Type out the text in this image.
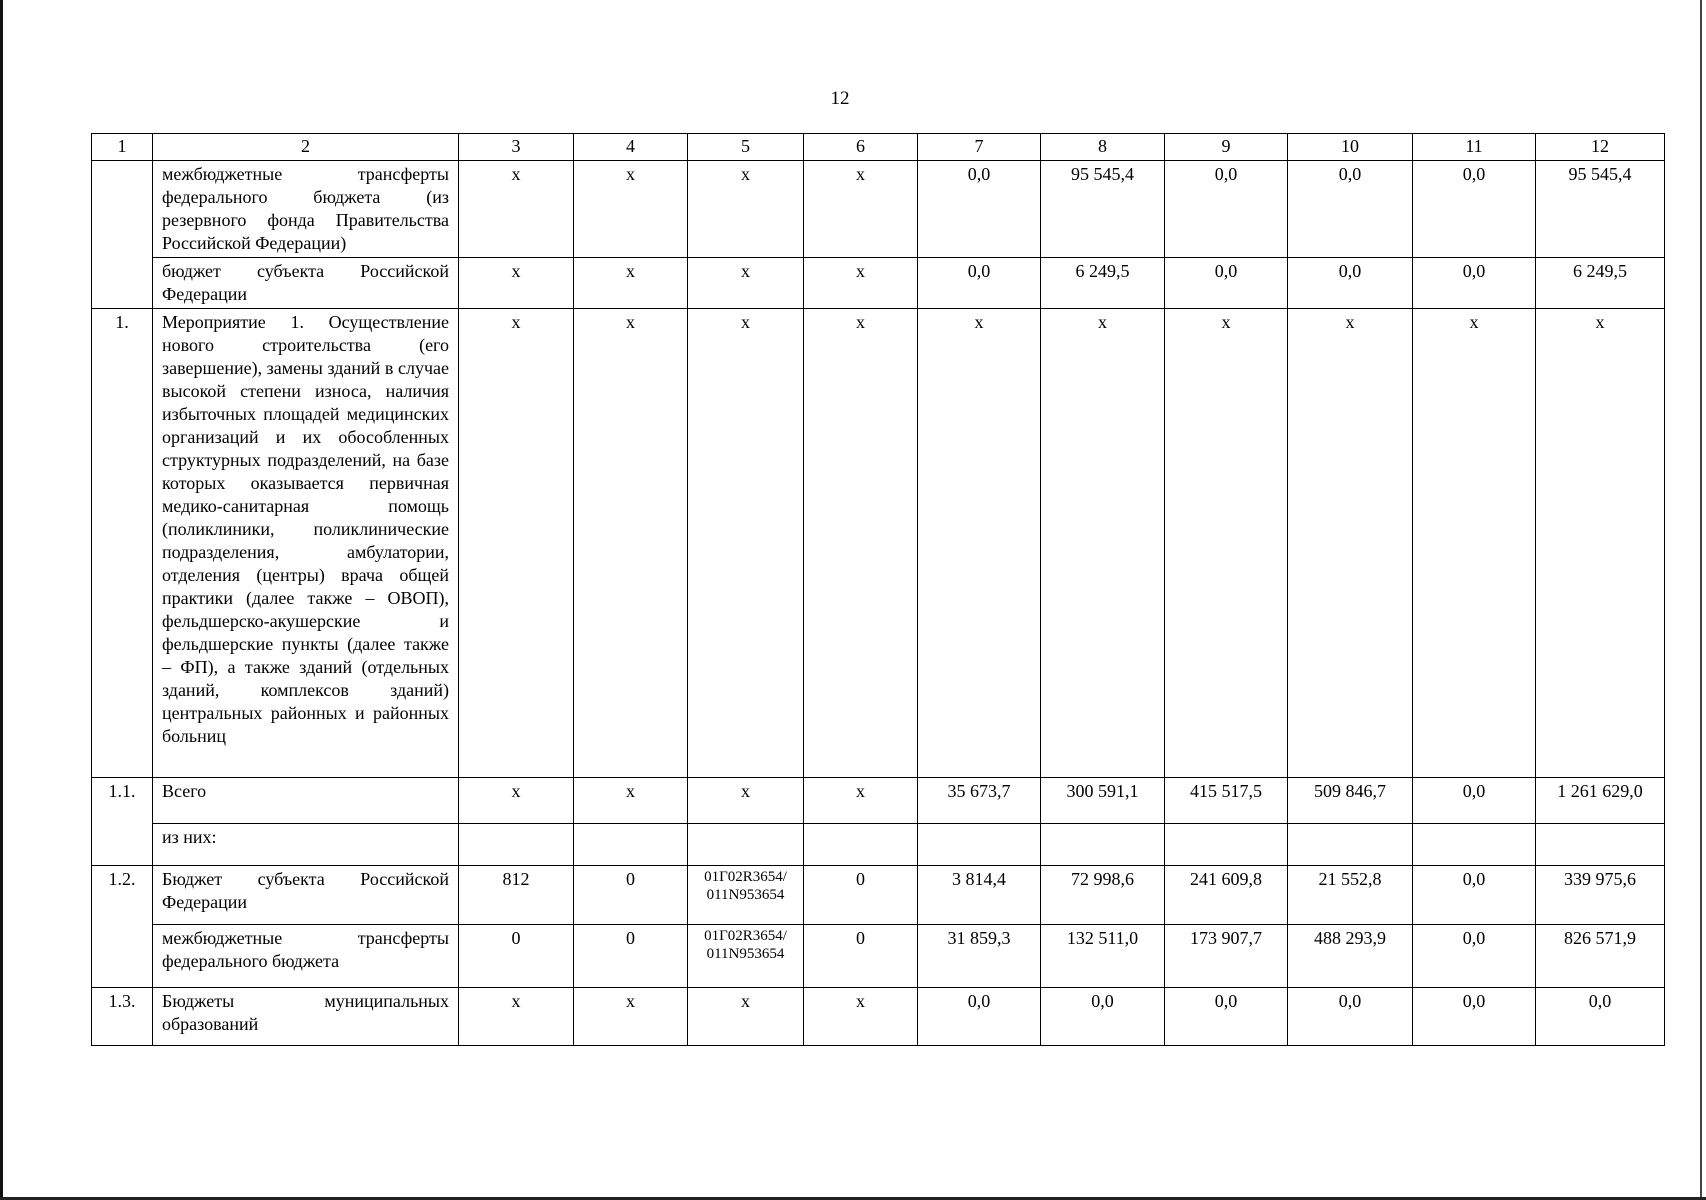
12
1	2	3	4	5	6	7	8	9	10	11	12
	межбюджетные трансферты федерального бюджета (из резервного фонда Правительства Российской Федерации)	х	х	х	х	0,0	95 545,4	0,0	0,0	0,0	95 545,4
	бюджет субъекта Российской Федерации	х	х	х	х	0,0	6 249,5	0,0	0,0	0,0	6 249,5
1.	Мероприятие 1. Осуществление нового строительства (его завершение), замены зданий в случае высокой степени износа, наличия избыточных площадей медицинских организаций и их обособленных структурных подразделений, на базе которых оказывается первичная медико-санитарная помощь (поликлиники, поликлинические подразделения, амбулатории, отделения (центры) врача общей практики (далее также – ОВОП), фельдшерско-акушерские и фельдшерские пункты (далее также – ФП), а также зданий (отдельных зданий, комплексов зданий) центральных районных и районных больниц	х	х	х	х	х	х	х	х	х	х
1.1.	Всего	х	х	х	х	35 673,7	300 591,1	415 517,5	509 846,7	0,0	1 261 629,0
	из них:										
1.2.	Бюджет субъекта Российской Федерации	812	0	01Г02R3654/ 011N953654	0	3 814,4	72 998,6	241 609,8	21 552,8	0,0	339 975,6
	межбюджетные трансферты федерального бюджета	0	0	01Г02R3654/ 011N953654	0	31 859,3	132 511,0	173 907,7	488 293,9	0,0	826 571,9
1.3.	Бюджеты муниципальных образований	х	х	х	х	0,0	0,0	0,0	0,0	0,0	0,0
